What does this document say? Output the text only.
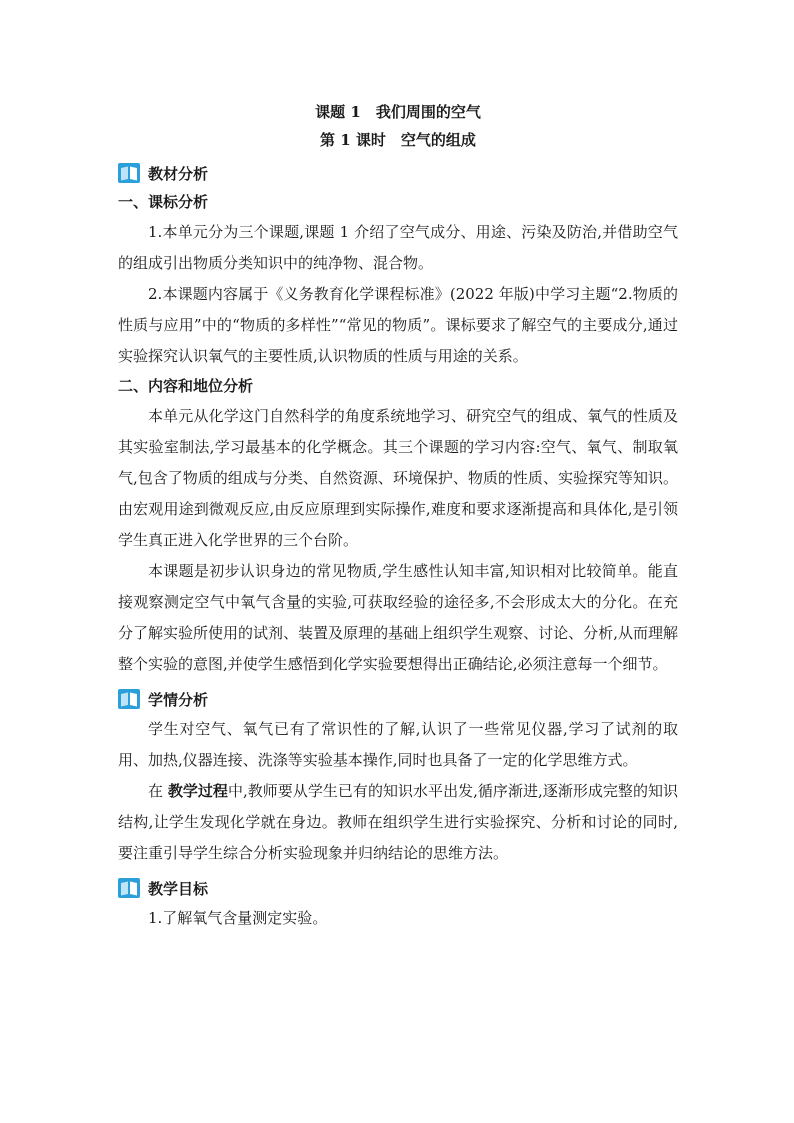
课题 1　我们周围的空气

第 1 课时　空气的组成

教材分析

一、课标分析

1.本单元分为三个课题,课题 1 介绍了空气成分、用途、污染及防治,并借助空气的组成引出物质分类知识中的纯净物、混合物。

2.本课题内容属于《义务教育化学课程标准》(2022 年版)中学习主题“2.物质的性质与应用”中的“物质的多样性”“常见的物质”。课标要求了解空气的主要成分,通过实验探究认识氧气的主要性质,认识物质的性质与用途的关系。

二、内容和地位分析

本单元从化学这门自然科学的角度系统地学习、研究空气的组成、氧气的性质及其实验室制法,学习最基本的化学概念。其三个课题的学习内容:空气、氧气、制取氧气,包含了物质的组成与分类、自然资源、环境保护、物质的性质、实验探究等知识。由宏观用途到微观反应,由反应原理到实际操作,难度和要求逐渐提高和具体化,是引领学生真正进入化学世界的三个台阶。

本课题是初步认识身边的常见物质,学生感性认知丰富,知识相对比较简单。能直接观察测定空气中氧气含量的实验,可获取经验的途径多,不会形成太大的分化。在充分了解实验所使用的试剂、装置及原理的基础上组织学生观察、讨论、分析,从而理解整个实验的意图,并使学生感悟到化学实验要想得出正确结论,必须注意每一个细节。

学情分析

学生对空气、氧气已有了常识性的了解,认识了一些常见仪器,学习了试剂的取用、加热,仪器连接、洗涤等实验基本操作,同时也具备了一定的化学思维方式。

在 教学过程中,教师要从学生已有的知识水平出发,循序渐进,逐渐形成完整的知识结构,让学生发现化学就在身边。教师在组织学生进行实验探究、分析和讨论的同时,要注重引导学生综合分析实验现象并归纳结论的思维方法。

教学目标

1.了解氧气含量测定实验。
